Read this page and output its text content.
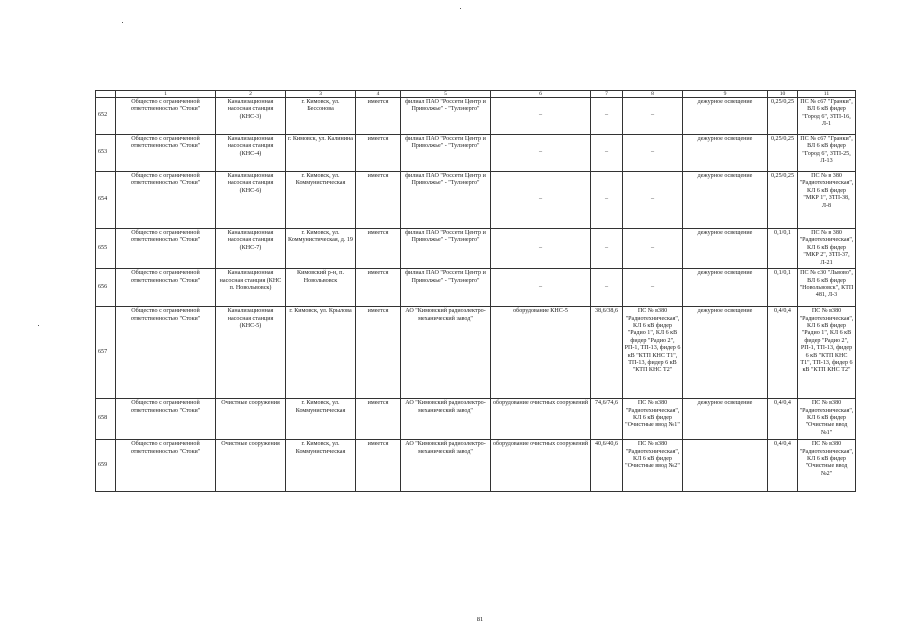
	1	2	3	4	5	6	7	8	9	10	11
652	Общество с ограниченной ответственностью "Стоки"	Канализационная насосная станция (КНС-3)	г. Кимовск, ул. Бессонова	имеется	филиал ПАО "Россети Центр и Приволжье" - "Тулэнерго"	–	–	–	дежурное освещение	0,25/0,25	ПС № с67 "Гранки", ВЛ 6 кВ фидер "Город 6", ЗТП-16, Л-1
653	Общество с ограниченной ответственностью "Стоки"	Канализационная насосная станция (КНС-4)	г. Кимовск, ул. Калинина	имеется	филиал ПАО "Россети Центр и Приволжье" - "Тулэнерго"	–	–	–	дежурное освещение	0,25/0,25	ПС № с67 "Гранки", ВЛ 6 кВ фидер "Город 6", ЗТП-25, Л-13
654	Общество с ограниченной ответственностью "Стоки"	Канализационная насосная станция (КНС-6)	г. Кимовск, ул. Коммунистическая	имеется	филиал ПАО "Россети Центр и Приволжье" - "Тулэнерго"	–	–	–	дежурное освещение	0,25/0,25	ПС № в 380 "Радиотехническая", КЛ 6 кВ фидер "МКР 1", ЗТП-38, Л-8
655	Общество с ограниченной ответственностью "Стоки"	Канализационная насосная станция (КНС-7)	г. Кимовск, ул. Коммунистическая, д. 19	имеется	филиал ПАО "Россети Центр и Приволжье" - "Тулэнерго"	–	–	–	дежурное освещение	0,1/0,1	ПС № в 380 "Радиотехническая", КЛ 6 кВ фидер "МКР 2", ЗТП-37, Л-21
656	Общество с ограниченной ответственностью "Стоки"	Канализационная насосная станция (КНС п. Новольвовск)	Кимовский р-н, п. Новольвовск	имеется	филиал ПАО "Россети Центр и Приволжье" - "Тулэнерго"	–	–	–	дежурное освещение	0,1/0,1	ПС № с30 "Львово", ВЛ 6 кВ фидер "Новольвовск", КТП 481, Л-3
657	Общество с ограниченной ответственностью "Стоки"	Канализационная насосная станция (КНС-5)	г. Кимовск, ул. Крылова	имеется	АО "Кимовский радиоэлектро-механический завод"	оборудование КНС-5	38,6/38,6	ПС № в380 "Радиотехническая", КЛ 6 кВ фидер "Радио 1", КЛ 6 кВ фидер "Радио 2", РП-1, ТП-13, фидер 6 кВ "КТП КНС Т1", ТП-13, фидер 6 кВ "КТП КНС Т2"	дежурное освещение	0,4/0,4	ПС № в380 "Радиотехническая", КЛ 6 кВ фидер "Радио 1", КЛ 6 кВ фидер "Радио 2", РП-1, ТП-13, фидер 6 кВ "КТП КНС Т1", ТП-13, фидер 6 кВ "КТП КНС Т2"
658	Общество с ограниченной ответственностью "Стоки"	Очистные сооружения	г. Кимовск, ул. Коммунистическая	имеется	АО "Кимовский радиоэлектро-механический завод"	оборудование очистных сооружений	74,6/74,6	ПС № в380 "Радиотехническая", КЛ 6 кВ фидер "Очистные ввод №1"	дежурное освещение	0,4/0,4	ПС № в380 "Радиотехническая", КЛ 6 кВ фидер "Очистные ввод №1"
659	Общество с ограниченной ответственностью "Стоки"	Очистные сооружения	г. Кимовск, ул. Коммунистическая	имеется	АО "Кимовский радиоэлектро-механический завод"	оборудование очистных сооружений	40,6/40,6	ПС № в380 "Радиотехническая", КЛ 6 кВ фидер "Очистные ввод №2"		0,4/0,4	ПС № в380 "Радиотехническая", КЛ 6 кВ фидер "Очистные ввод №2"
81
